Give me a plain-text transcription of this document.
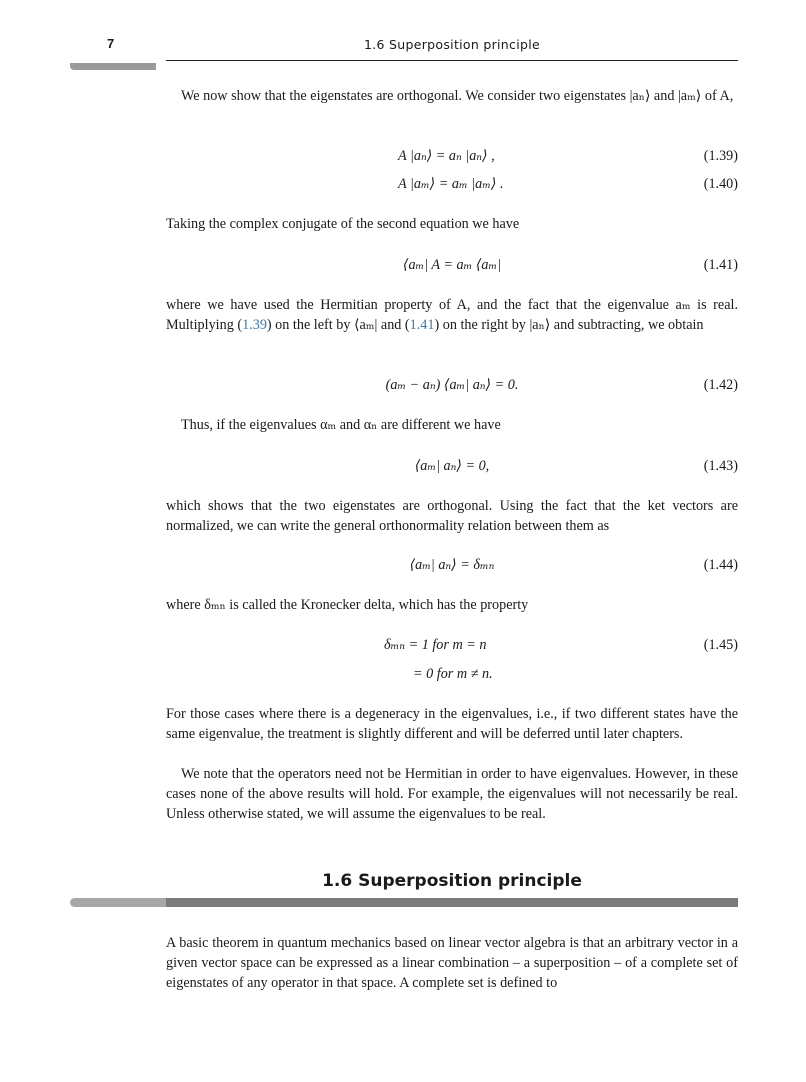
7	1.6 Superposition principle

We now show that the eigenstates are orthogonal. We consider two eigenstates |aₙ⟩ and |aₘ⟩ of A,

A |aₙ⟩ = aₙ |aₙ⟩ ,	(1.39)
A |aₘ⟩ = aₘ |aₘ⟩ .	(1.40)

Taking the complex conjugate of the second equation we have

⟨aₘ| A = aₘ ⟨aₘ|	(1.41)

where we have used the Hermitian property of A, and the fact that the eigenvalue aₘ is real. Multiplying (1.39) on the left by ⟨aₘ| and (1.41) on the right by |aₙ⟩ and subtracting, we obtain

(aₘ − aₙ) ⟨aₘ| aₙ⟩ = 0.	(1.42)

Thus, if the eigenvalues αₘ and αₙ are different we have

⟨aₘ| aₙ⟩ = 0,	(1.43)

which shows that the two eigenstates are orthogonal. Using the fact that the ket vectors are normalized, we can write the general orthonormality relation between them as

⟨aₘ| aₙ⟩ = δₘₙ	(1.44)

where δₘₙ is called the Kronecker delta, which has the property

δₘₙ = 1 for m = n	(1.45)
= 0 for m ≠ n.

For those cases where there is a degeneracy in the eigenvalues, i.e., if two different states have the same eigenvalue, the treatment is slightly different and will be deferred until later chapters.

We note that the operators need not be Hermitian in order to have eigenvalues. However, in these cases none of the above results will hold. For example, the eigenvalues will not necessarily be real. Unless otherwise stated, we will assume the eigenvalues to be real.

1.6 Superposition principle

A basic theorem in quantum mechanics based on linear vector algebra is that an arbitrary vector in a given vector space can be expressed as a linear combination – a superposition – of a complete set of eigenstates of any operator in that space. A complete set is defined to
